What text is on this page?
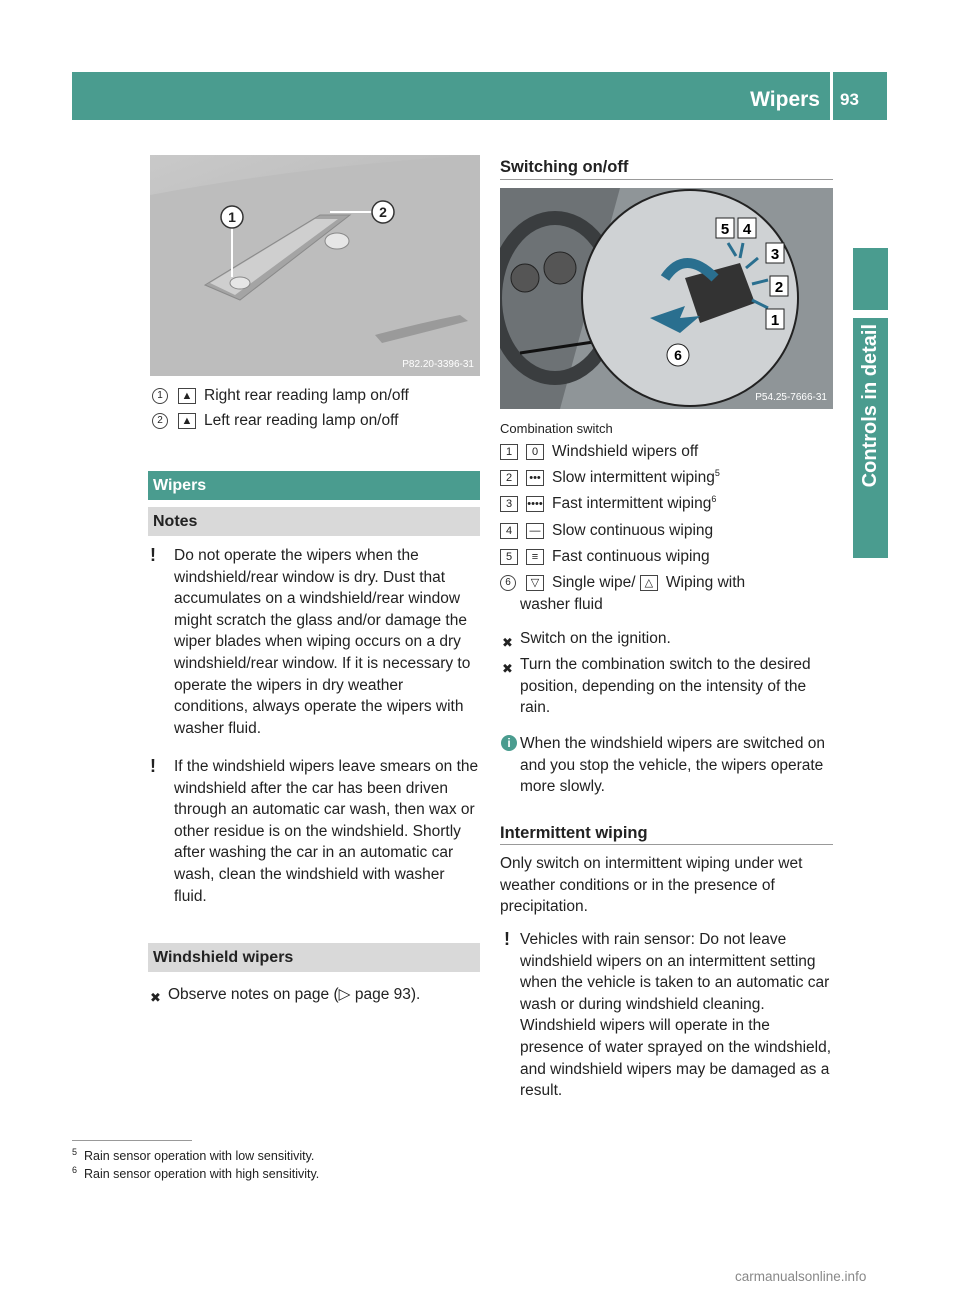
Wipers 93
Controls in detail
1	2
P82.20-3396-31
1 ▲ Right rear reading lamp on/off
2 ▲ Left rear reading lamp on/off
Wipers
Notes
! Do not operate the wipers when the windshield/rear window is dry. Dust that accumulates on a windshield/rear window might scratch the glass and/or damage the wiper blades when wiping occurs on a dry windshield/rear window. If it is necessary to operate the wipers in dry weather conditions, always operate the wipers with washer fluid.
! If the windshield wipers leave smears on the windshield after the car has been driven through an automatic car wash, then wax or other residue is on the windshield. Shortly after washing the car in an automatic car wash, clean the windshield with washer fluid.
Windshield wipers
✖ Observe notes on page (▷ page 93).
Switching on/off
5 4
3
2
1
6
P54.25-7666-31
Combination switch
1 0 Windshield wipers off
2 ••• Slow intermittent wiping$^5$
3 •••• Fast intermittent wiping$^6$
4 — Slow continuous wiping
5 ≡ Fast continuous wiping
6 ▽ Single wipe/ △ Wiping with
washer fluid
✖ Switch on the ignition.
✖ Turn the combination switch to the desired position, depending on the intensity of the rain.
i When the windshield wipers are switched on and you stop the vehicle, the wipers operate more slowly.
Intermittent wiping
Only switch on intermittent wiping under wet weather conditions or in the presence of precipitation.
! Vehicles with rain sensor: Do not leave windshield wipers on an intermittent setting when the vehicle is taken to an automatic car wash or during windshield cleaning. Windshield wipers will operate in the presence of water sprayed on the windshield, and windshield wipers may be damaged as a result.
$^5$ Rain sensor operation with low sensitivity.
$^6$ Rain sensor operation with high sensitivity.
carmanualsonline.info
